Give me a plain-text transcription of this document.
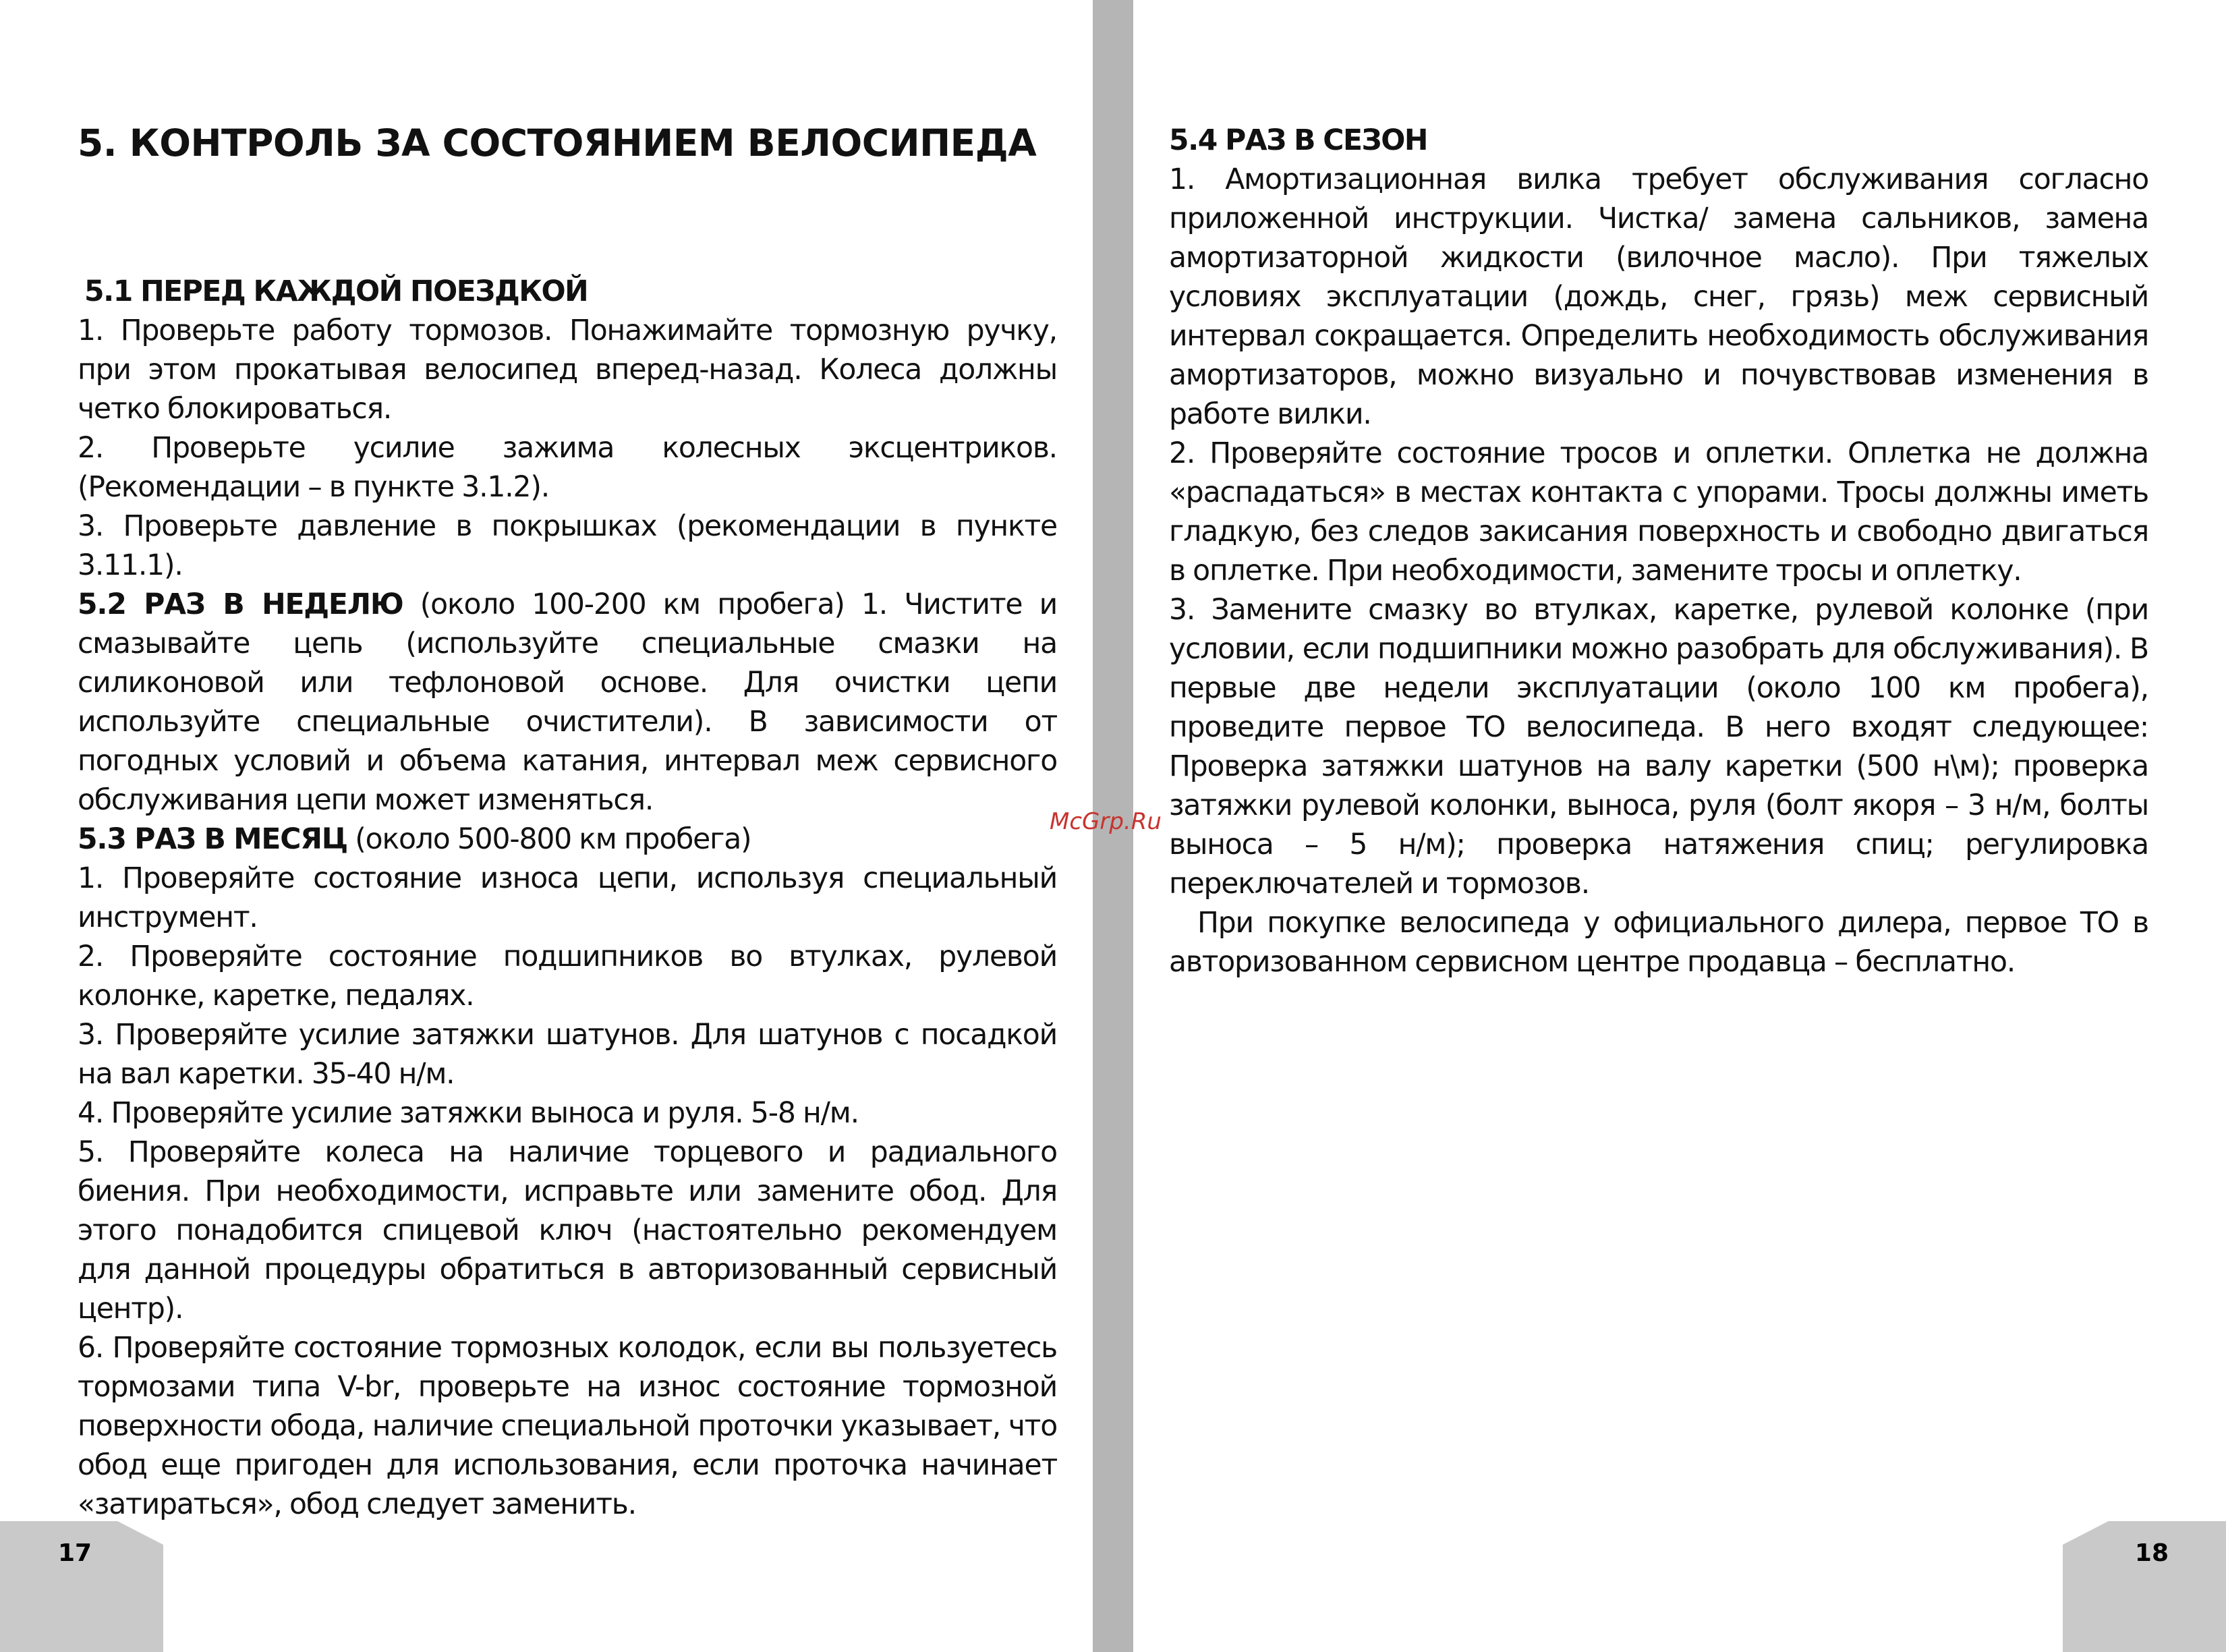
5. КОНТРОЛЬ ЗА СОСТОЯНИЕМ ВЕЛОСИПЕДА
5.1 ПЕРЕД КАЖДОЙ ПОЕЗДКОЙ

1. Проверьте работу тормозов. Понажимайте тормозную ручку, при этом прокатывая велосипед вперед-назад. Колеса должны четко блокироваться.

2. Проверьте усилие зажима колесных эксцентриков. (Рекомендации – в пункте 3.1.2).

3. Проверьте давление в покрышках (рекомендации в пункте 3.11.1).

5.2 РАЗ В НЕДЕЛЮ (около 100-200 км пробега) 1. Чистите и смазывайте цепь (используйте специальные смазки на силиконовой или тефлоновой основе. Для очистки цепи используйте специальные очистители). В зависимости от погодных условий и объема катания, интервал меж сервисного обслуживания цепи может изменяться.

5.3 РАЗ В МЕСЯЦ (около 500-800 км пробега)

1. Проверяйте состояние износа цепи, используя специальный инструмент.

2. Проверяйте состояние подшипников во втулках, рулевой колонке, каретке, педалях.

3. Проверяйте усилие затяжки шатунов. Для шатунов с посадкой на вал каретки. 35-40 н/м.

4. Проверяйте усилие затяжки выноса и руля. 5-8 н/м.

5. Проверяйте колеса на наличие торцевого и радиального биения. При необходимости, исправьте или замените обод. Для этого понадобится спицевой ключ (настоятельно рекомендуем для данной процедуры обратиться в авторизованный сервисный центр).

6. Проверяйте состояние тормозных колодок, если вы пользуетесь тормозами типа V-br, проверьте на износ состояние тормозной поверхности обода, наличие специальной проточки указывает, что обод еще пригоден для использования, если проточка начинает «затираться», обод следует заменить.

5.4 РАЗ В СЕЗОН

1. Амортизационная вилка требует обслуживания согласно приложенной инструкции. Чистка/ замена сальников, замена амортизаторной жидкости (вилочное масло). При тяжелых условиях эксплуатации (дождь, снег, грязь) меж сервисный интервал сокращается. Определить необходимость обслуживания амортизаторов, можно визуально и почувствовав изменения в работе вилки.

2. Проверяйте состояние тросов и оплетки. Оплетка не должна «распадаться» в местах контакта с упорами. Тросы должны иметь гладкую, без следов закисания поверхность и свободно двигаться в оплетке. При необходимости, замените тросы и оплетку.

3. Замените смазку во втулках, каретке, рулевой колонке (при условии, если подшипники можно разобрать для обслуживания). В первые две недели эксплуатации (около 100 км пробега), проведите первое ТО велосипеда. В него входят следующее: Проверка затяжки шатунов на валу каретки (500 н\м); проверка затяжки рулевой колонки, выноса, руля (болт якоря – 3 н/м, болты выноса – 5 н/м); проверка натяжения спиц; регулировка переключателей и тормозов.

При покупке велосипеда у официального дилера, первое ТО в авторизованном сервисном центре продавца – бесплатно.

McGrp.Ru
17	18
